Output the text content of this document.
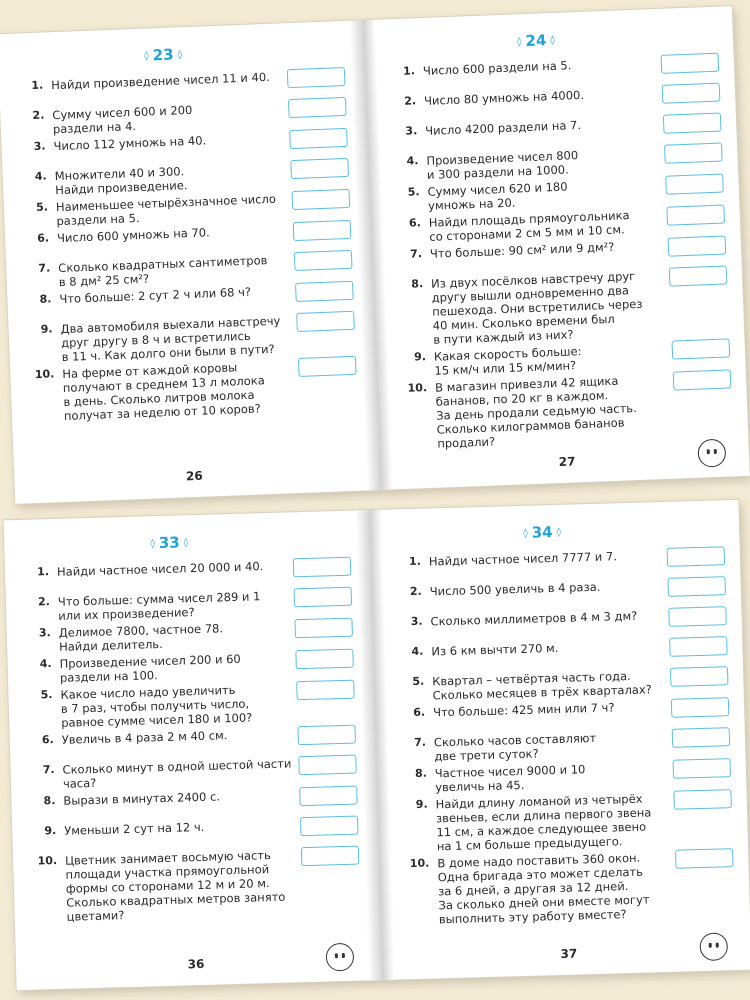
◊ 23 ◊
1. Найди произведение чисел 11 и 40.
2. Сумму чисел 600 и 200
раздели на 4.
3. Число 112 умножь на 40.
4. Множители 40 и 300.
Найди произведение.
5. Наименьшее четырёхзначное число
раздели на 5.
6. Число 600 умножь на 70.
7. Сколько квадратных сантиметров
в 8 дм² 25 см²?
8. Что больше: 2 сут 2 ч или 68 ч?
9. Два автомобиля выехали навстречу
друг другу в 8 ч и встретились
в 11 ч. Как долго они были в пути?
10. На ферме от каждой коровы
получают в среднем 13 л молока
в день. Сколько литров молока
получат за неделю от 10 коров?
26
◊ 24 ◊
1. Число 600 раздели на 5.
2. Число 80 умножь на 4000.
3. Число 4200 раздели на 7.
4. Произведение чисел 800
и 300 раздели на 1000.
5. Сумму чисел 620 и 180
умножь на 20.
6. Найди площадь прямоугольника
со сторонами 2 см 5 мм и 10 см.
7. Что больше: 90 см² или 9 дм²?
8. Из двух посёлков навстречу друг
другу вышли одновременно два
пешехода. Они встретились через
40 мин. Сколько времени был
в пути каждый из них?
9. Какая скорость больше:
15 км/ч или 15 км/мин?
10. В магазин привезли 42 ящика
бананов, по 20 кг в каждом.
За день продали седьмую часть.
Сколько килограммов бананов
продали?
27
◊ 33 ◊
1. Найди частное чисел 20 000 и 40.
2. Что больше: сумма чисел 289 и 1
или их произведение?
3. Делимое 7800, частное 78.
Найди делитель.
4. Произведение чисел 200 и 60
раздели на 100.
5. Какое число надо увеличить
в 7 раз, чтобы получить число,
равное сумме чисел 180 и 100?
6. Увеличь в 4 раза 2 м 40 см.
7. Сколько минут в одной шестой части
часа?
8. Вырази в минутах 2400 с.
9. Уменьши 2 сут на 12 ч.
10. Цветник занимает восьмую часть
площади участка прямоугольной
формы со сторонами 12 м и 20 м.
Сколько квадратных метров занято
цветами?
36
◊ 34 ◊
1. Найди частное чисел 7777 и 7.
2. Число 500 увеличь в 4 раза.
3. Сколько миллиметров в 4 м 3 дм?
4. Из 6 км вычти 270 м.
5. Квартал – четвёртая часть года.
Сколько месяцев в трёх кварталах?
6. Что больше: 425 мин или 7 ч?
7. Сколько часов составляют
две трети суток?
8. Частное чисел 9000 и 10
увеличь на 45.
9. Найди длину ломаной из четырёх
звеньев, если длина первого звена
11 см, а каждое следующее звено
на 1 см больше предыдущего.
10. В доме надо поставить 360 окон.
Одна бригада это может сделать
за 6 дней, а другая за 12 дней.
За сколько дней они вместе могут
выполнить эту работу вместе?
37
